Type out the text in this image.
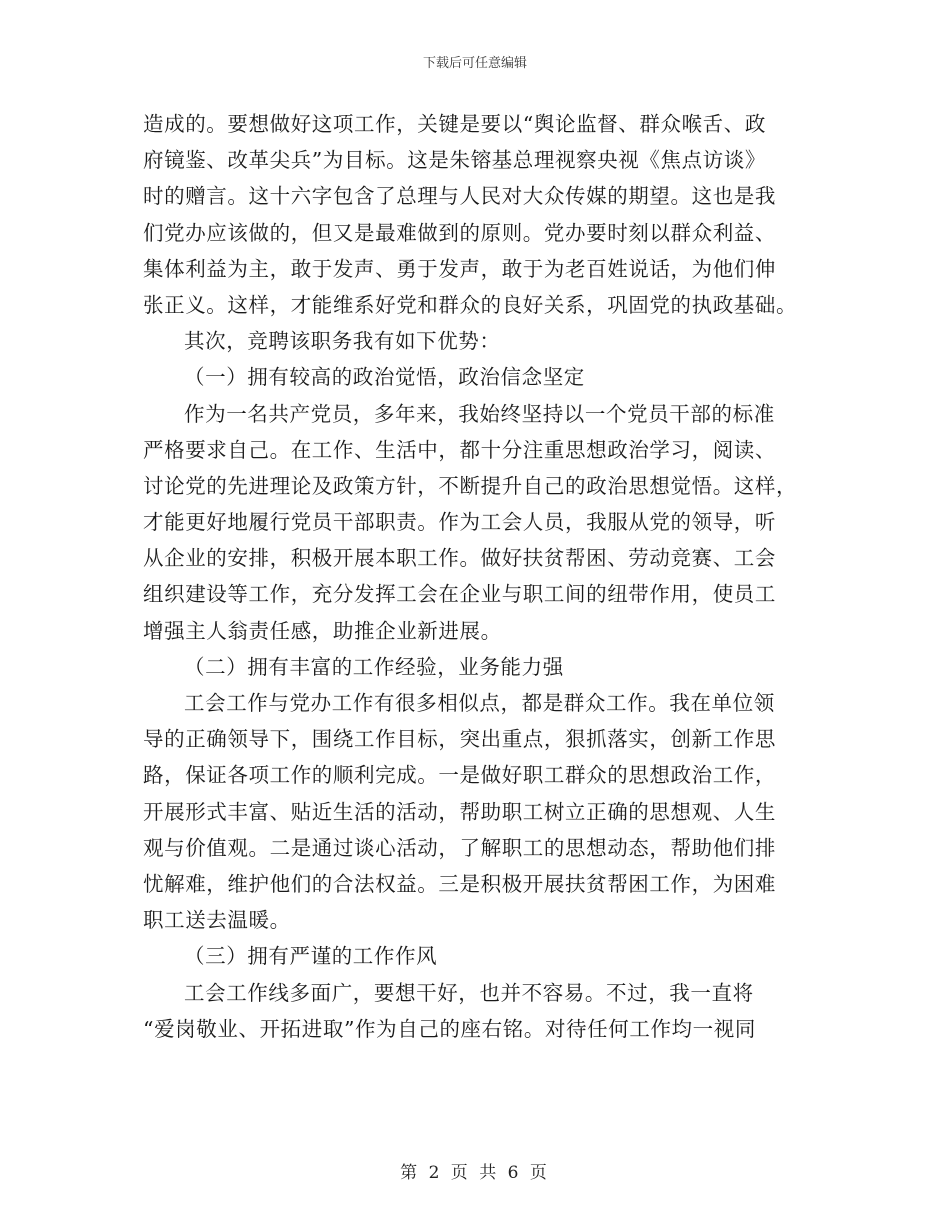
下载后可任意编辑
造成的。要想做好这项工作，关键是要以“舆论监督、群众喉舌、政
府镜鉴、改革尖兵”为目标。这是朱镕基总理视察央视《焦点访谈》
时的赠言。这十六字包含了总理与人民对大众传媒的期望。这也是我
们党办应该做的，但又是最难做到的原则。党办要时刻以群众利益、
集体利益为主，敢于发声、勇于发声，敢于为老百姓说话，为他们伸
张正义。这样，才能维系好党和群众的良好关系，巩固党的执政基础。
其次，竞聘该职务我有如下优势：
（一）拥有较高的政治觉悟，政治信念坚定
作为一名共产党员，多年来，我始终坚持以一个党员干部的标准
严格要求自己。在工作、生活中，都十分注重思想政治学习，阅读、
讨论党的先进理论及政策方针，不断提升自己的政治思想觉悟。这样，
才能更好地履行党员干部职责。作为工会人员，我服从党的领导，听
从企业的安排，积极开展本职工作。做好扶贫帮困、劳动竞赛、工会
组织建设等工作，充分发挥工会在企业与职工间的纽带作用，使员工
增强主人翁责任感，助推企业新进展。
（二）拥有丰富的工作经验，业务能力强
工会工作与党办工作有很多相似点，都是群众工作。我在单位领
导的正确领导下，围绕工作目标，突出重点，狠抓落实，创新工作思
路，保证各项工作的顺利完成。一是做好职工群众的思想政治工作，
开展形式丰富、贴近生活的活动，帮助职工树立正确的思想观、人生
观与价值观。二是通过谈心活动，了解职工的思想动态，帮助他们排
忧解难，维护他们的合法权益。三是积极开展扶贫帮困工作，为困难
职工送去温暖。
（三）拥有严谨的工作作风
工会工作线多面广，要想干好，也并不容易。不过，我一直将
“爱岗敬业、开拓进取”作为自己的座右铭。对待任何工作均一视同
第 2 页 共 6 页
